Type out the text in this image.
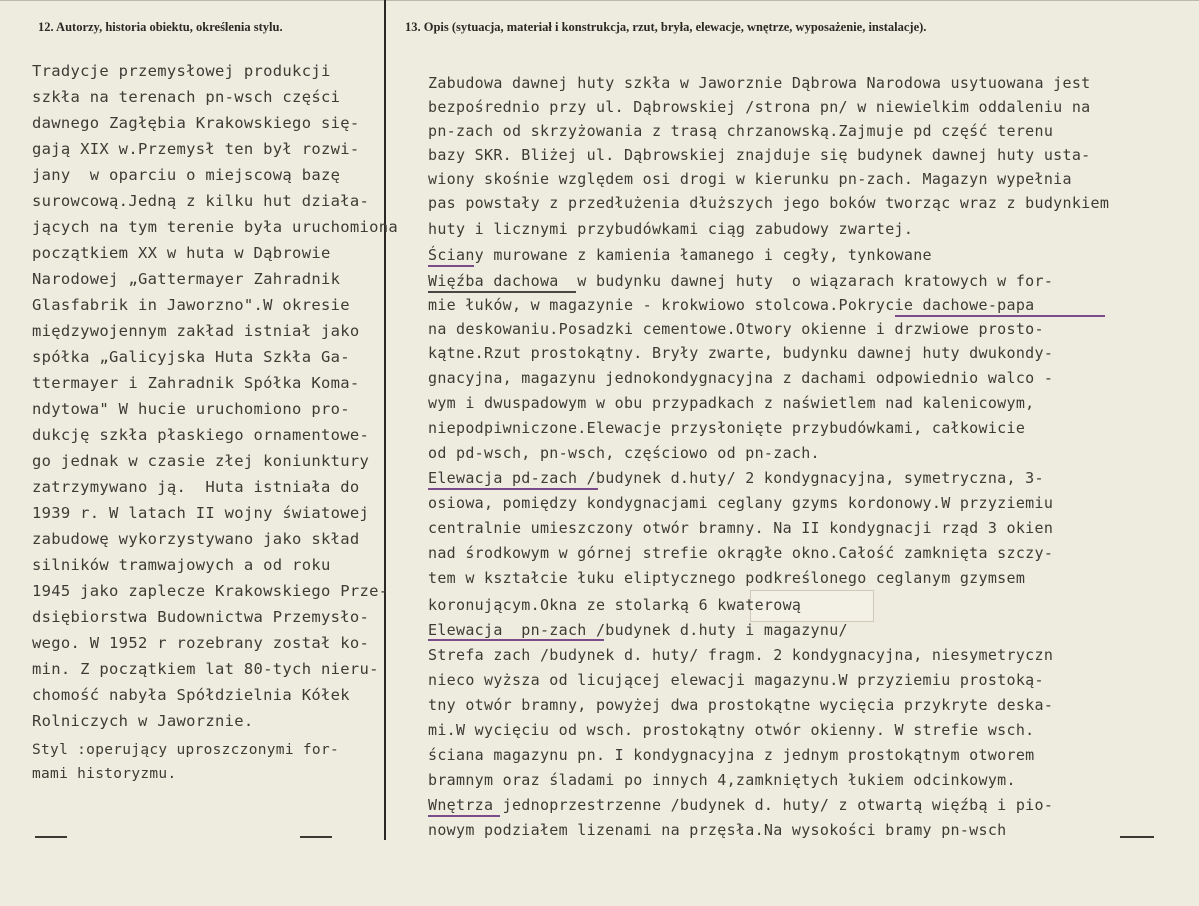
12. Autorzy, historia obiektu, określenia stylu.	13. Opis (sytuacja, materiał i konstrukcja, rzut, bryła, elewacje, wnętrze, wyposażenie, instalacje).
Tradycje przemysłowej produkcji
szkła na terenach pn-wsch części
dawnego Zagłębia Krakowskiego się-
gają XIX w.Przemysł ten był rozwi-
jany  w oparciu o miejscową bazę
surowcową.Jedną z kilku hut działa-
jących na tym terenie była uruchomiona
początkiem XX w huta w Dąbrowie
Narodowej „Gattermayer Zahradnik
Glasfabrik in Jaworzno".W okresie
międzywojennym zakład istniał jako
spółka „Galicyjska Huta Szkła Ga-
ttermayer i Zahradnik Spółka Koma-
ndytowa" W hucie uruchomiono pro-
dukcję szkła płaskiego ornamentowe-
go jednak w czasie złej koniunktury
zatrzymywano ją.  Huta istniała do
1939 r. W latach II wojny światowej
zabudowę wykorzystywano jako skład
silników tramwajowych a od roku
1945 jako zaplecze Krakowskiego Prze-
dsiębiorstwa Budownictwa Przemysło-
wego. W 1952 r rozebrany został ko-
min. Z początkiem lat 80-tych nieru-
chomość nabyła Spółdzielnia Kółek
Rolniczych w Jaworznie.
Styl :operujący uproszczonymi for-
mami historyzmu.
Zabudowa dawnej huty szkła w Jaworznie Dąbrowa Narodowa usytuowana jest
bezpośrednio przy ul. Dąbrowskiej /strona pn/ w niewielkim oddaleniu na
pn-zach od skrzyżowania z trasą chrzanowską.Zajmuje pd część terenu
bazy SKR. Bliżej ul. Dąbrowskiej znajduje się budynek dawnej huty usta-
wiony skośnie względem osi drogi w kierunku pn-zach. Magazyn wypełnia
pas powstały z przedłużenia dłuższych jego boków tworząc wraz z budynkiem
huty i licznymi przybudówkami ciąg zabudowy zwartej.
Ściany murowane z kamienia łamanego i cegły, tynkowane
Więźba dachowa  w budynku dawnej huty  o wiązarach kratowych w for-
mie łuków, w magazynie - krokwiowo stolcowa.Pokrycie dachowe-papa
na deskowaniu.Posadzki cementowe.Otwory okienne i drzwiowe prosto-
kątne.Rzut prostokątny. Bryły zwarte, budynku dawnej huty dwukondy-
gnacyjna, magazynu jednokondygnacyjna z dachami odpowiednio walco -
wym i dwuspadowym w obu przypadkach z naświetlem nad kalenicowym,
niepodpiwniczone.Elewacje przysłonięte przybudówkami, całkowicie
od pd-wsch, pn-wsch, częściowo od pn-zach.
Elewacja pd-zach /budynek d.huty/ 2 kondygnacyjna, symetryczna, 3-
osiowa, pomiędzy kondygnacjami ceglany gzyms kordonowy.W przyziemiu
centralnie umieszczony otwór bramny. Na II kondygnacji rząd 3 okien
nad środkowym w górnej strefie okrągłe okno.Całość zamknięta szczy-
tem w kształcie łuku eliptycznego podkreślonego ceglanym gzymsem
koronującym.Okna ze stolarką 6 kwaterową
Elewacja  pn-zach /budynek d.huty i magazynu/
Strefa zach /budynek d. huty/ fragm. 2 kondygnacyjna, niesymetryczn
nieco wyższa od licującej elewacji magazynu.W przyziemiu prostoką-
tny otwór bramny, powyżej dwa prostokątne wycięcia przykryte deska-
mi.W wycięciu od wsch. prostokątny otwór okienny. W strefie wsch.
ściana magazynu pn. I kondygnacyjna z jednym prostokątnym otworem
bramnym oraz śladami po innych 4,zamkniętych łukiem odcinkowym.
Wnętrza jednoprzestrzenne /budynek d. huty/ z otwartą więźbą i pio-
nowym podziałem lizenami na przęsła.Na wysokości bramy pn-wsch
